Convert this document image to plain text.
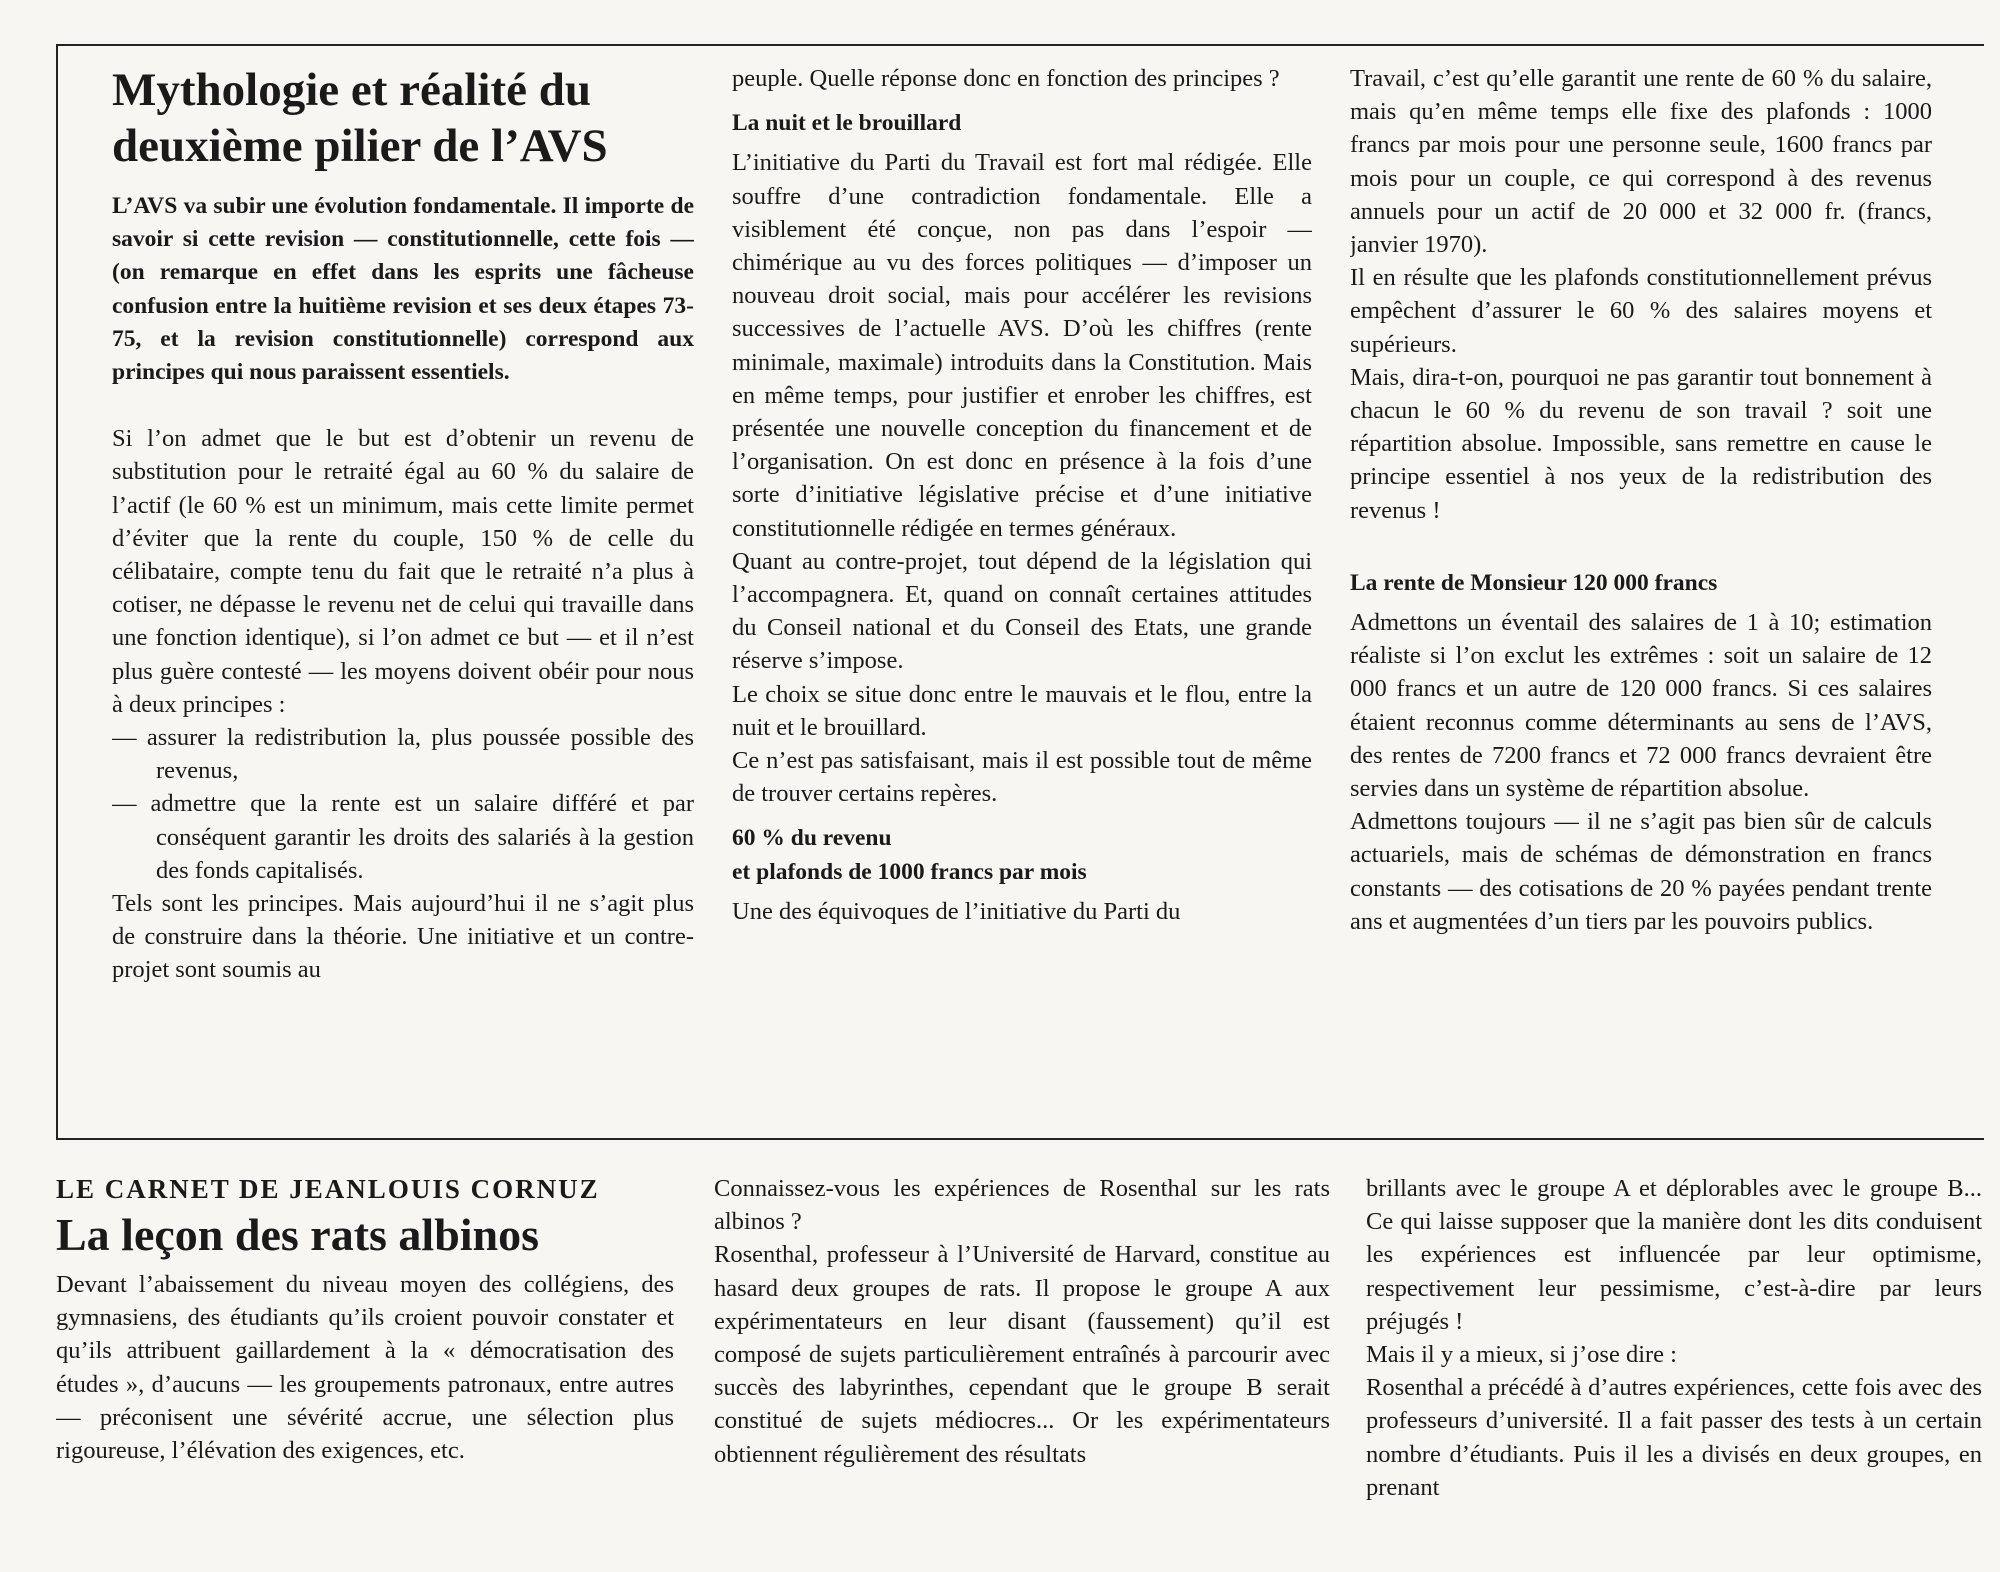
Mythologie et réalité du
deuxième pilier de l’AVS

L’AVS va subir une évolution fondamentale. Il importe de savoir si cette revision — constitutionnelle, cette fois — (on remarque en effet dans les esprits une fâcheuse confusion entre la huitième revision et ses deux étapes 73-75, et la revision constitutionnelle) correspond aux principes qui nous paraissent essentiels.

Si l’on admet que le but est d’obtenir un revenu de substitution pour le retraité égal au 60 % du salaire de l’actif (le 60 % est un minimum, mais cette limite permet d’éviter que la rente du couple, 150 % de celle du célibataire, compte tenu du fait que le retraité n’a plus à cotiser, ne dépasse le revenu net de celui qui travaille dans une fonction identique), si l’on admet ce but — et il n’est plus guère contesté — les moyens doivent obéir pour nous à deux principes :

— assurer la redistribution la, plus poussée possible des revenus,

— admettre que la rente est un salaire différé et par conséquent garantir les droits des salariés à la gestion des fonds capitalisés.

Tels sont les principes. Mais aujourd’hui il ne s’agit plus de construire dans la théorie. Une initiative et un contre-projet sont soumis au

peuple. Quelle réponse donc en fonction des principes ?

La nuit et le brouillard

L’initiative du Parti du Travail est fort mal rédigée. Elle souffre d’une contradiction fondamentale. Elle a visiblement été conçue, non pas dans l’espoir — chimérique au vu des forces politiques — d’imposer un nouveau droit social, mais pour accélérer les revisions successives de l’actuelle AVS. D’où les chiffres (rente minimale, maximale) introduits dans la Constitution. Mais en même temps, pour justifier et enrober les chiffres, est présentée une nouvelle conception du financement et de l’organisation. On est donc en présence à la fois d’une sorte d’initiative législative précise et d’une initiative constitutionnelle rédigée en termes généraux.

Quant au contre-projet, tout dépend de la législation qui l’accompagnera. Et, quand on connaît certaines attitudes du Conseil national et du Conseil des Etats, une grande réserve s’impose.

Le choix se situe donc entre le mauvais et le flou, entre la nuit et le brouillard.

Ce n’est pas satisfaisant, mais il est possible tout de même de trouver certains repères.

60 % du revenu
et plafonds de 1000 francs par mois

Une des équivoques de l’initiative du Parti du

Travail, c’est qu’elle garantit une rente de 60 % du salaire, mais qu’en même temps elle fixe des plafonds : 1000 francs par mois pour une personne seule, 1600 francs par mois pour un couple, ce qui correspond à des revenus annuels pour un actif de 20 000 et 32 000 fr. (francs, janvier 1970).

Il en résulte que les plafonds constitutionnellement prévus empêchent d’assurer le 60 % des salaires moyens et supérieurs.

Mais, dira-t-on, pourquoi ne pas garantir tout bonnement à chacun le 60 % du revenu de son travail ? soit une répartition absolue. Impossible, sans remettre en cause le principe essentiel à nos yeux de la redistribution des revenus !

La rente de Monsieur 120 000 francs

Admettons un éventail des salaires de 1 à 10; estimation réaliste si l’on exclut les extrêmes : soit un salaire de 12 000 francs et un autre de 120 000 francs. Si ces salaires étaient reconnus comme déterminants au sens de l’AVS, des rentes de 7200 francs et 72 000 francs devraient être servies dans un système de répartition absolue.

Admettons toujours — il ne s’agit pas bien sûr de calculs actuariels, mais de schémas de démonstration en francs constants — des cotisations de 20 % payées pendant trente ans et augmentées d’un tiers par les pouvoirs publics.

LE CARNET DE JEANLOUIS CORNUZ

La leçon des rats albinos

Devant l’abaissement du niveau moyen des collégiens, des gymnasiens, des étudiants qu’ils croient pouvoir constater et qu’ils attribuent gaillardement à la « démocratisation des études », d’aucuns — les groupements patronaux, entre autres — préconisent une sévérité accrue, une sélection plus rigoureuse, l’élévation des exigences, etc.

Connaissez-vous les expériences de Rosenthal sur les rats albinos ?

Rosenthal, professeur à l’Université de Harvard, constitue au hasard deux groupes de rats. Il propose le groupe A aux expérimentateurs en leur disant (faussement) qu’il est composé de sujets particulièrement entraînés à parcourir avec succès des labyrinthes, cependant que le groupe B serait constitué de sujets médiocres... Or les expérimentateurs obtiennent régulièrement des résultats

brillants avec le groupe A et déplorables avec le groupe B... Ce qui laisse supposer que la manière dont les dits conduisent les expériences est influencée par leur optimisme, respectivement leur pessimisme, c’est-à-dire par leurs préjugés !

Mais il y a mieux, si j’ose dire :

Rosenthal a précédé à d’autres expériences, cette fois avec des professeurs d’université. Il a fait passer des tests à un certain nombre d’étudiants. Puis il les a divisés en deux groupes, en prenant
